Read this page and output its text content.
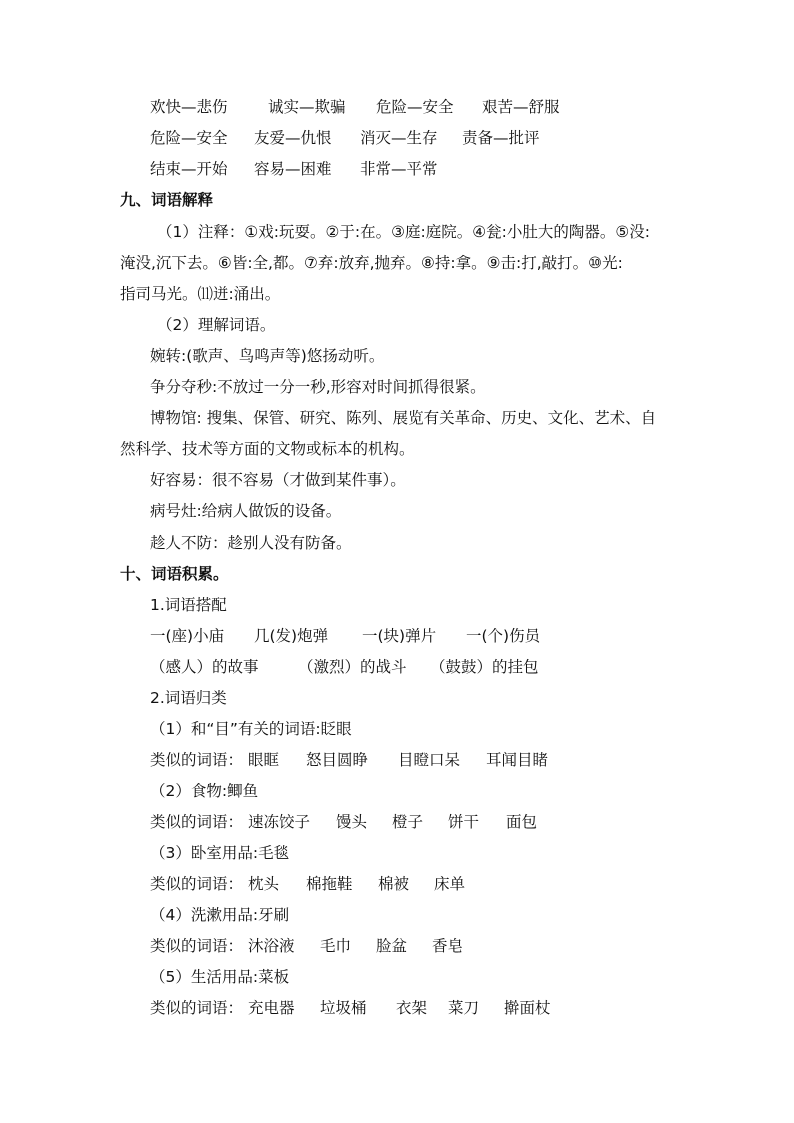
欢快—悲伤	诚实—欺骗 危险—安全 艰苦—舒服
危险—安全 友爱—仇恨 消灭—生存 责备—批评
结束—开始 容易—困难 非常—平常
九、词语解释
（1）注释：①戏:玩耍。②于:在。③庭:庭院。④瓮:小肚大的陶器。⑤没:
淹没,沉下去。⑥皆:全,都。⑦弃:放弃,抛弃。⑧持:拿。⑨击:打,敲打。⑩光:
指司马光。⑾迸:涌出。
（2）理解词语。
婉转:(歌声、鸟鸣声等)悠扬动听。
争分夺秒:不放过一分一秒,形容对时间抓得很紧。
博物馆: 搜集、保管、研究、陈列、展览有关革命、历史、文化、艺术、自
然科学、技术等方面的文物或标本的机构。
好容易：很不容易（才做到某件事）。
病号灶:给病人做饭的设备。
趁人不防：趁别人没有防备。
十、词语积累。
1.词语搭配
一(座)小庙 几(发)炮弹 一(块)弹片 一(个)伤员
（感人）的故事	（激烈）的战斗 （鼓鼓）的挂包
2.词语归类
（1）和“目”有关的词语:眨眼
类似的词语： 眼眶 怒目圆睁 目瞪口呆 耳闻目睹
（2）食物:鲫鱼
类似的词语： 速冻饺子 馒头 橙子 饼干 面包
（3）卧室用品:毛毯
类似的词语： 枕头 棉拖鞋 棉被 床单
（4）洗漱用品:牙刷
类似的词语： 沐浴液 毛巾 脸盆 香皂
（5）生活用品:菜板
类似的词语： 充电器 垃圾桶 衣架 菜刀 擀面杖
